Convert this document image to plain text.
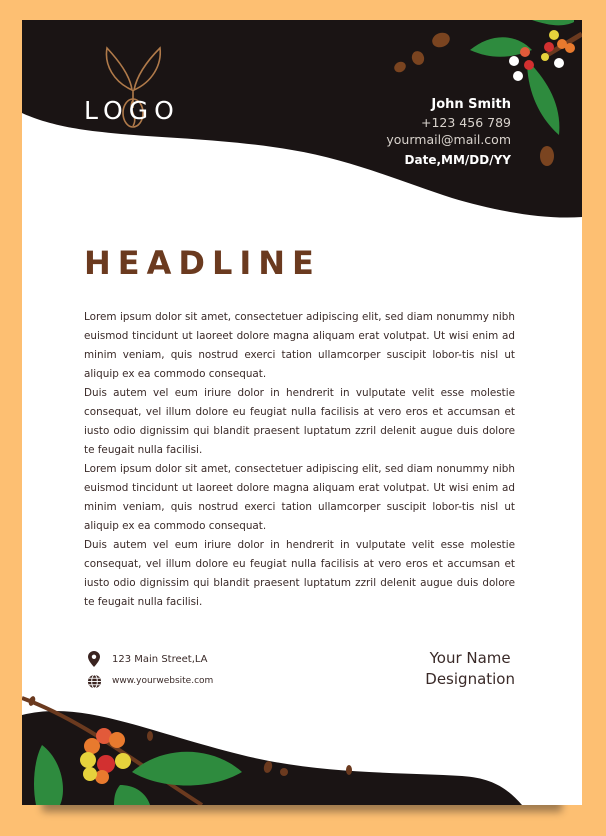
LOGO	John Smith
+123 456 789
yourmail@mail.com
Date,MM/DD/YY
HEADLINE

Lorem ipsum dolor sit amet, consectetuer adipiscing elit, sed diam nonummy nibh euismod tincidunt ut laoreet dolore magna aliquam erat volutpat. Ut wisi enim ad minim veniam, quis nostrud exerci tation ullamcorper suscipit lobor-tis nisl ut aliquip ex ea commodo consequat.

Duis autem vel eum iriure dolor in hendrerit in vulputate velit esse molestie consequat, vel illum dolore eu feugiat nulla facilisis at vero eros et accumsan et iusto odio dignissim qui blandit praesent luptatum zzril delenit augue duis dolore te feugait nulla facilisi.

Lorem ipsum dolor sit amet, consectetuer adipiscing elit, sed diam nonummy nibh euismod tincidunt ut laoreet dolore magna aliquam erat volutpat. Ut wisi enim ad minim veniam, quis nostrud exerci tation ullamcorper suscipit lobor-tis nisl ut aliquip ex ea commodo consequat.

Duis autem vel eum iriure dolor in hendrerit in vulputate velit esse molestie consequat, vel illum dolore eu feugiat nulla facilisis at vero eros et accumsan et iusto odio dignissim qui blandit praesent luptatum zzril delenit augue duis dolore te feugait nulla facilisi.

123 Main Street,LA
www.yourwebsite.com
Your Name
Designation
